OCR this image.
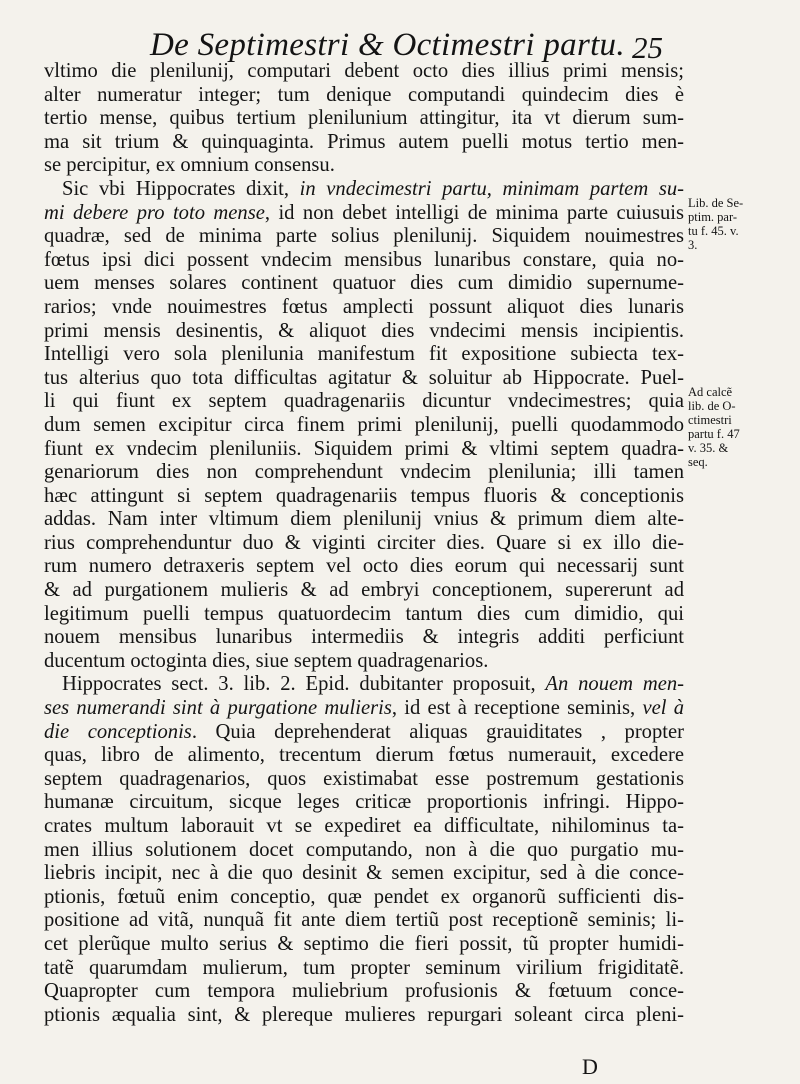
De Septimestri & Octimestri partu. 25
vltimo die plenilunij, computari debent octo dies illius primi mensis;
alter numeratur integer; tum denique computandi quindecim dies è
tertio mense, quibus tertium plenilunium attingitur, ita vt dierum sum-
ma sit trium & quinquaginta. Primus autem puelli motus tertio men-
se percipitur, ex omnium consensu.
Sic vbi Hippocrates dixit, in vndecimestri partu, minimam partem su-
mi debere pro toto mense, id non debet intelligi de minima parte cuiusuis
quadræ, sed de minima parte solius plenilunij. Siquidem nouimestres
fœtus ipsi dici possent vndecim mensibus lunaribus constare, quia no-
uem menses solares continent quatuor dies cum dimidio supernume-
rarios; vnde nouimestres fœtus amplecti possunt aliquot dies lunaris
primi mensis desinentis, & aliquot dies vndecimi mensis incipientis.
Intelligi vero sola plenilunia manifestum fit expositione subiecta tex-
tus alterius quo tota difficultas agitatur & soluitur ab Hippocrate. Puel-
li qui fiunt ex septem quadragenariis dicuntur vndecimestres; quia
dum semen excipitur circa finem primi plenilunij, puelli quodammodo
fiunt ex vndecim pleniluniis. Siquidem primi & vltimi septem quadra-
genariorum dies non comprehendunt vndecim plenilunia; illi tamen
hæc attingunt si septem quadragenariis tempus fluoris & conceptionis
addas. Nam inter vltimum diem plenilunij vnius & primum diem alte-
rius comprehenduntur duo & viginti circiter dies. Quare si ex illo die-
rum numero detraxeris septem vel octo dies eorum qui necessarij sunt
& ad purgationem mulieris & ad embryi conceptionem, supererunt ad
legitimum puelli tempus quatuordecim tantum dies cum dimidio, qui
nouem mensibus lunaribus intermediis & integris additi perficiunt
ducentum octoginta dies, siue septem quadragenarios.
Hippocrates sect. 3. lib. 2. Epid. dubitanter proposuit, An nouem men-
ses numerandi sint à purgatione mulieris, id est à receptione seminis, vel à
die conceptionis. Quia deprehenderat aliquas grauiditates , propter
quas, libro de alimento, trecentum dierum fœtus numerauit, excedere
septem quadragenarios, quos existimabat esse postremum gestationis
humanæ circuitum, sicque leges criticæ proportionis infringi. Hippo-
crates multum laborauit vt se expediret ea difficultate, nihilominus ta-
men illius solutionem docet computando, non à die quo purgatio mu-
liebris incipit, nec à die quo desinit & semen excipitur, sed à die conce-
ptionis, fœtuũ enim conceptio, quæ pendet ex organorũ sufficienti dis-
positione ad vitã, nunquã fit ante diem tertiũ post receptionẽ seminis; li-
cet plerũque multo serius & septimo die fieri possit, tũ propter humidi-
tatẽ quarumdam mulierum, tum propter seminum virilium frigiditatẽ.
Quapropter cum tempora muliebrium profusionis & fœtuum conce-
ptionis æqualia sint, & plereque mulieres repurgari soleant circa pleni-
Lib. de Se-
ptim. par-
tu f. 45. v.
3.
Ad calcẽ
lib. de O-
ctimestri
partu f. 47
v. 35. &
seq.
D
